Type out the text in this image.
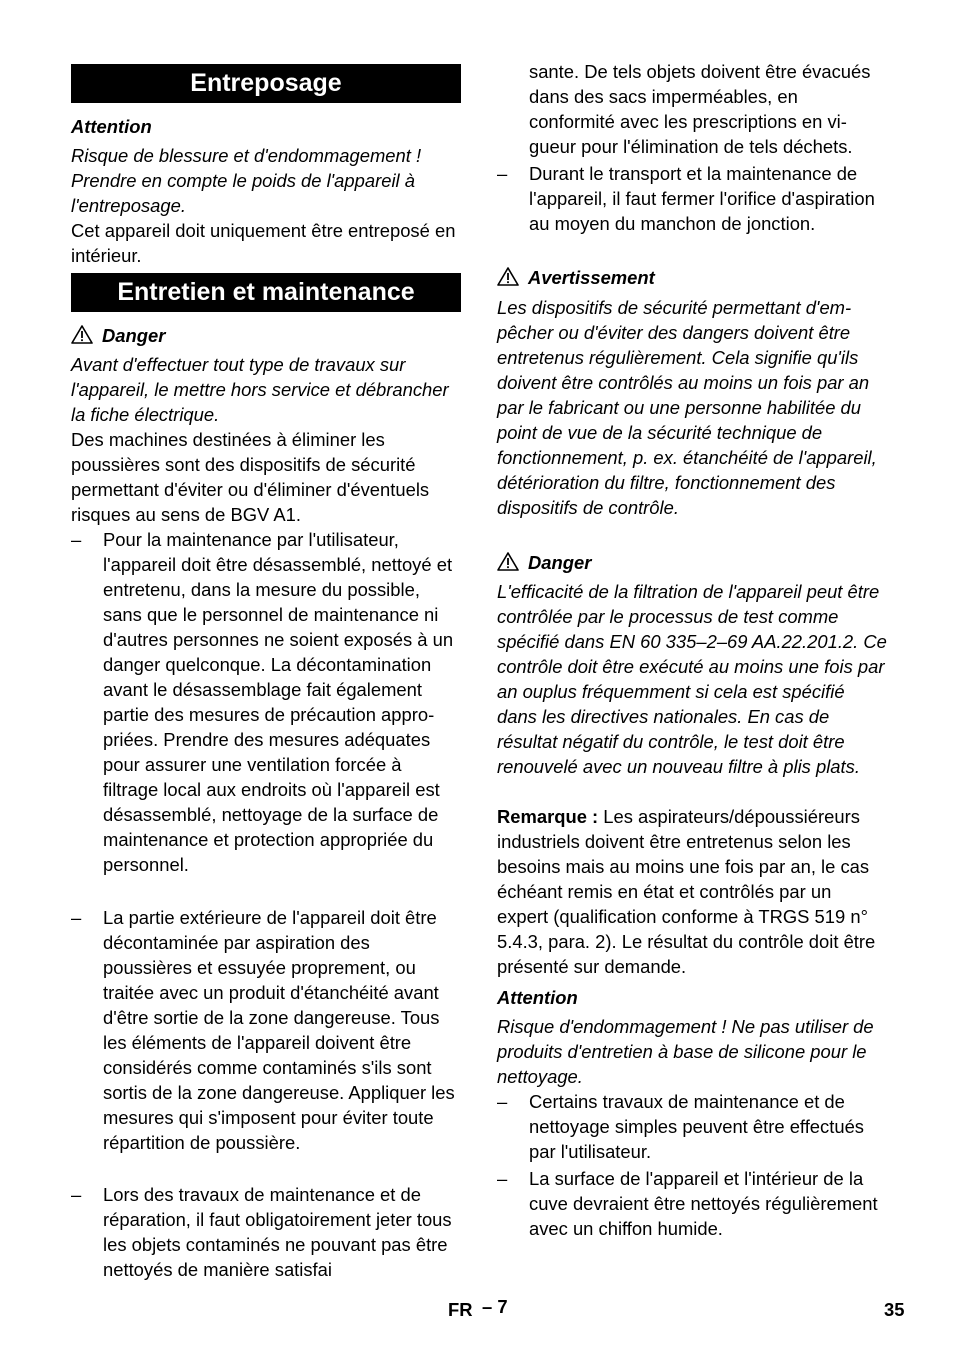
Entreposage
Attention
Risque de blessure et d'endommagement ! Prendre en compte le poids de l'appareil à l'entreposage.
Cet appareil doit uniquement être entreposé en intérieur.
Entretien et maintenance
Danger
Avant d'effectuer tout type de travaux sur l'appareil, le mettre hors service et débrancher la fiche électrique.
Des machines destinées à éliminer les poussières sont des dispositifs de sécurité permettant d'éviter ou d'éliminer d'éventuels risques au sens de BGV A1.
–	Pour la maintenance par l'utilisateur, l'appareil doit être désassemblé, nettoyé et entretenu, dans la mesure du possible, sans que le personnel de maintenance ni d'autres personnes ne soient exposés à un danger quelconque. La décontamination avant le désassemblage fait également partie des mesures de précaution appropriées. Prendre des mesures adéquates pour assurer une ventilation forcée à filtrage local aux endroits où l'appareil est désassemblé, nettoyage de la surface de maintenance et protection appropriée du personnel.
–	La partie extérieure de l'appareil doit être décontaminée par aspiration des poussières et essuyée proprement, ou traitée avec un produit d'étanchéité avant d'être sortie de la zone dangereuse. Tous les éléments de l'appareil doivent être considérés comme contaminés s'ils sont sortis de la zone dangereuse. Appliquer les mesures qui s'imposent pour éviter toute répartition de poussière.
–	Lors des travaux de maintenance et de réparation, il faut obligatoirement jeter tous les objets contaminés ne pouvant pas être nettoyés de manière satisfai
sante. De tels objets doivent être évacués dans des sacs imperméables, en conformité avec les prescriptions en vigueur pour l'élimination de tels déchets.
–	Durant le transport et la maintenance de l'appareil, il faut fermer l'orifice d'aspiration au moyen du manchon de jonction.
Avertissement
Les dispositifs de sécurité permettant d'empêcher ou d'éviter des dangers doivent être entretenus régulièrement. Cela signifie qu'ils doivent être contrôlés au moins un fois par an par le fabricant ou une personne habilitée du point de vue de la sécurité technique de fonctionnement, p. ex. étanchéité de l'appareil, détérioration du filtre, fonctionnement des dispositifs de contrôle.
Danger
L'efficacité de la filtration de l'appareil peut être contrôlée par le processus de test comme spécifié dans EN 60 335–2–69 AA.22.201.2. Ce contrôle doit être exécuté au moins une fois par an ouplus fréquemment si cela est spécifié dans les directives nationales. En cas de résultat négatif du contrôle, le test doit être renouvelé avec un nouveau filtre à plis plats.
Remarque : Les aspirateurs/dépoussiéreurs industriels doivent être entretenus selon les besoins mais au moins une fois par an, le cas échéant remis en état et contrôlés par un expert (qualification conforme à TRGS 519 n° 5.4.3, para. 2). Le résultat du contrôle doit être présenté sur demande.
Attention
Risque d'endommagement ! Ne pas utiliser de produits d'entretien à base de silicone pour le nettoyage.
–	Certains travaux de maintenance et de nettoyage simples peuvent être effectués par l'utilisateur.
–	La surface de l'appareil et l'intérieur de la cuve devraient être nettoyés régulièrement avec un chiffon humide.
FR – 7	35
